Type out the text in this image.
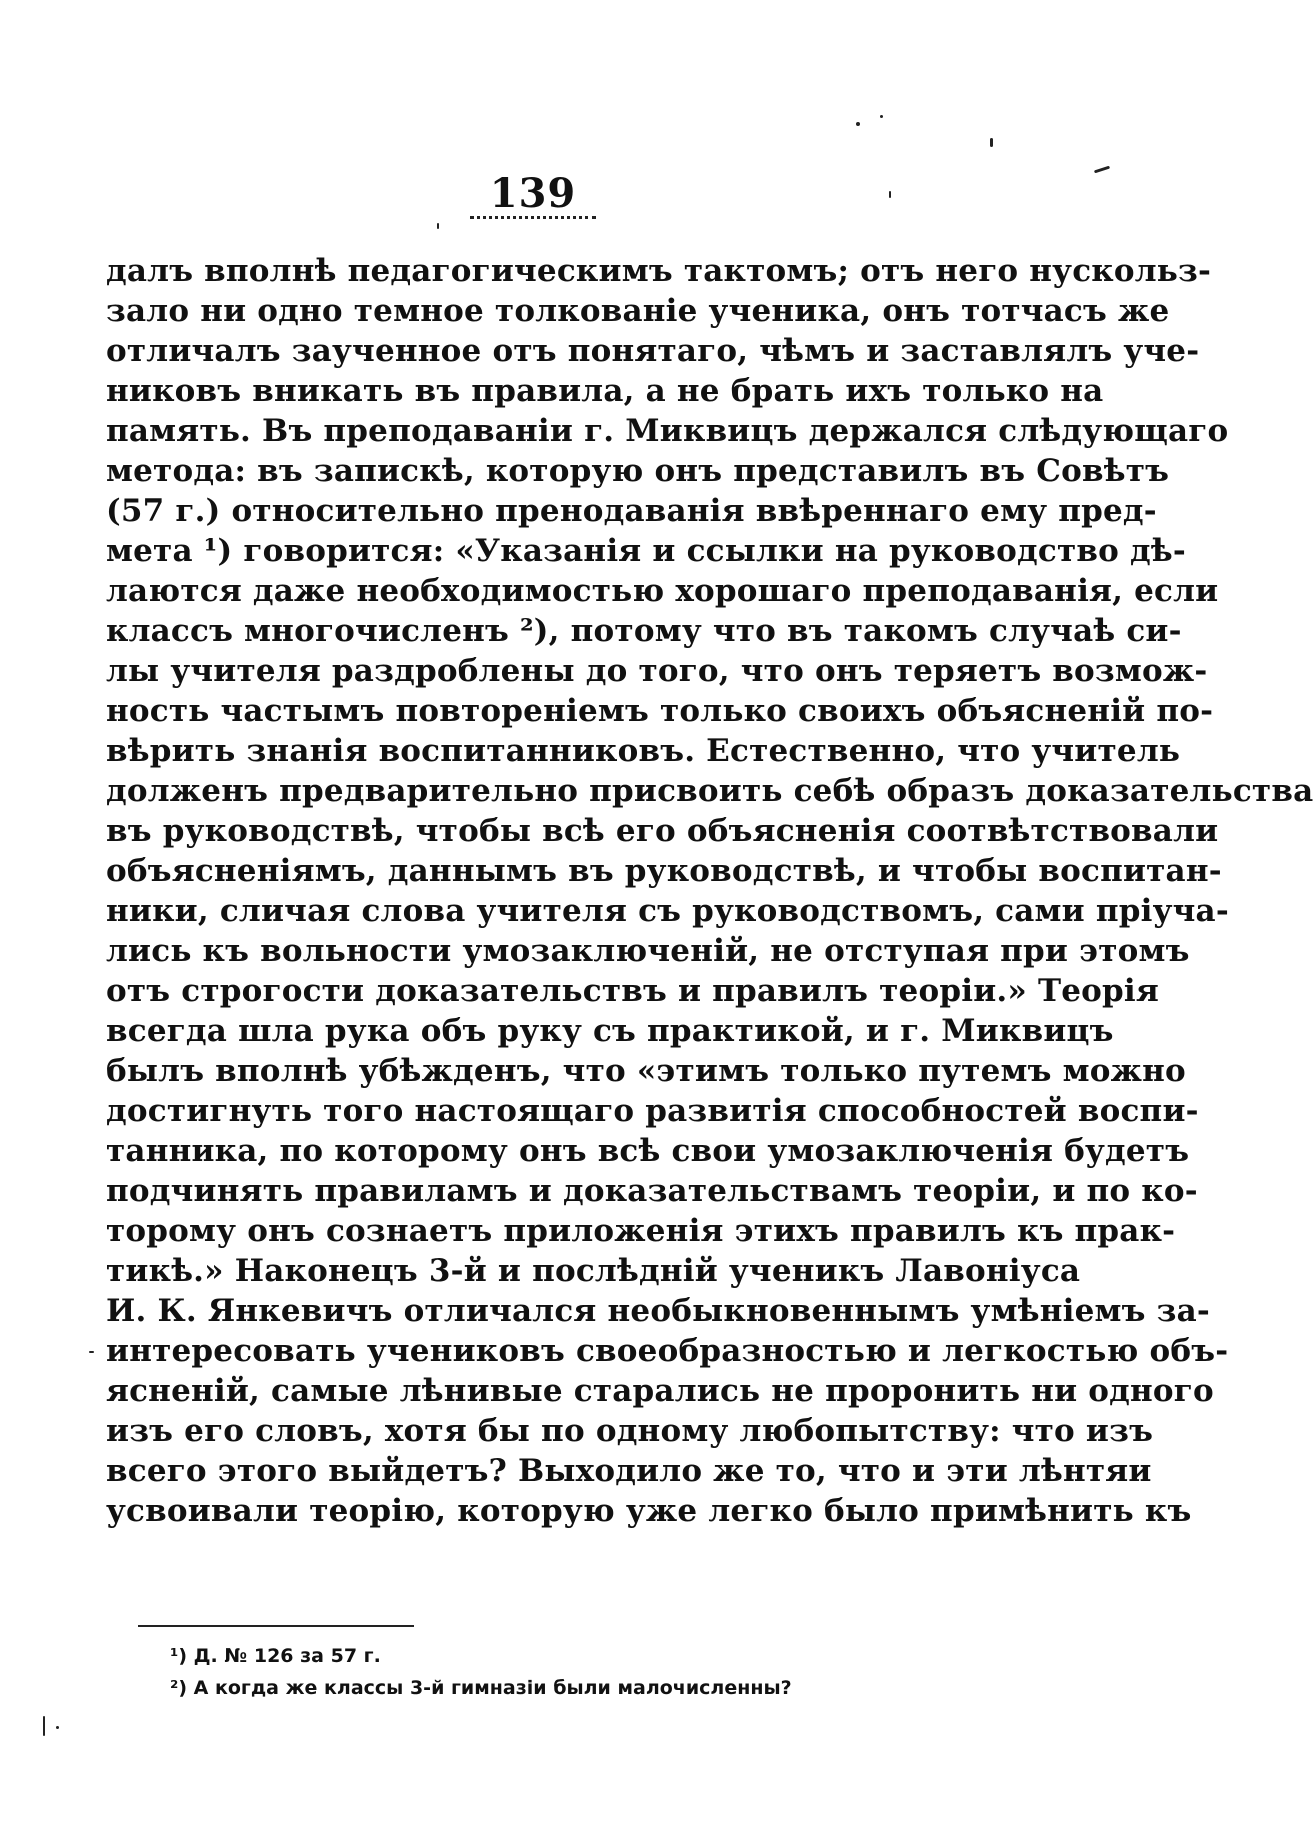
139
далъ вполнѣ педагогическимъ тактомъ; отъ него нускольз-
зало ни одно темное толкованіе ученика, онъ тотчасъ же
отличалъ заученное отъ понятаго, чѣмъ и заставлялъ уче-
никовъ вникать въ правила, а не брать ихъ только на
память. Въ преподаваніи г. Миквицъ держался слѣдующаго
метода: въ запискѣ, которую онъ представилъ въ Совѣтъ
(57 г.) относительно пренодаванія ввѣреннаго ему пред-
мета ¹) говорится: «Указанія и ссылки на руководство дѣ-
лаются даже необходимостью хорошаго преподаванія, если
классъ многочисленъ ²), потому что въ такомъ случаѣ си-
лы учителя раздроблены до того, что онъ теряетъ возмож-
ность частымъ повтореніемъ только своихъ объясненій по-
вѣрить знанія воспитанниковъ. Естественно, что учитель
долженъ предварительно присвоить себѣ образъ доказательства
въ руководствѣ, чтобы всѣ его объясненія соотвѣтствовали
объясненіямъ, даннымъ въ руководствѣ, и чтобы воспитан-
ники, сличая слова учителя съ руководствомъ, сами пріуча-
лись къ вольности умозаключеній, не отступая при этомъ
отъ строгости доказательствъ и правилъ теоріи.» Теорія
всегда шла рука объ руку съ практикой, и г. Миквицъ
былъ вполнѣ убѣжденъ, что «этимъ только путемъ можно
достигнуть того настоящаго развитія способностей воспи-
танника, по которому онъ всѣ свои умозаключенія будетъ
подчинять правиламъ и доказательствамъ теоріи, и по ко-
торому онъ сознаетъ приложенія этихъ правилъ къ прак-
тикѣ.» Наконецъ 3-й и послѣдній ученикъ Лавоніуса
И. К. Янкевичъ отличался необыкновеннымъ умѣніемъ за-
интересовать учениковъ своеобразностью и легкостью объ-
ясненій, самые лѣнивые старались не проронить ни одного
изъ его словъ, хотя бы по одному любопытству: что изъ
всего этого выйдетъ? Выходило же то, что и эти лѣнтяи
усвоивали теорію, которую уже легко было примѣнить къ
¹) Д. № 126 за 57 г.
²) А когда же классы 3-й гимназіи были малочисленны?
